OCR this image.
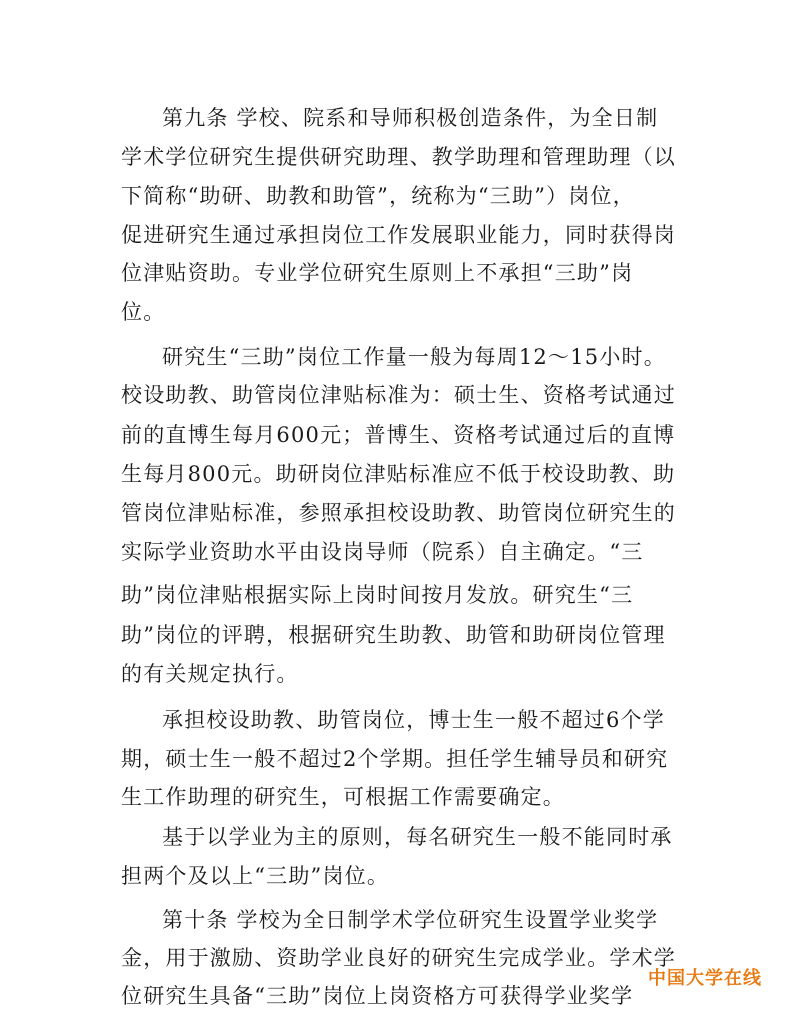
第九条 学校、院系和导师积极创造条件，为全日制
学术学位研究生提供研究助理、教学助理和管理助理（以
下简称“助研、助教和助管”，统称为“三助”）岗位，
促进研究生通过承担岗位工作发展职业能力，同时获得岗
位津贴资助。专业学位研究生原则上不承担“三助”岗
位。
研究生“三助”岗位工作量一般为每周12～15小时。
校设助教、助管岗位津贴标准为：硕士生、资格考试通过
前的直博生每月600元；普博生、资格考试通过后的直博
生每月800元。助研岗位津贴标准应不低于校设助教、助
管岗位津贴标准，参照承担校设助教、助管岗位研究生的
实际学业资助水平由设岗导师（院系）自主确定。“三
助”岗位津贴根据实际上岗时间按月发放。研究生“三
助”岗位的评聘，根据研究生助教、助管和助研岗位管理
的有关规定执行。
承担校设助教、助管岗位，博士生一般不超过6个学
期，硕士生一般不超过2个学期。担任学生辅导员和研究
生工作助理的研究生，可根据工作需要确定。
基于以学业为主的原则，每名研究生一般不能同时承
担两个及以上“三助”岗位。
第十条 学校为全日制学术学位研究生设置学业奖学
金，用于激励、资助学业良好的研究生完成学业。学术学
位研究生具备“三助”岗位上岗资格方可获得学业奖学
中国大学在线
